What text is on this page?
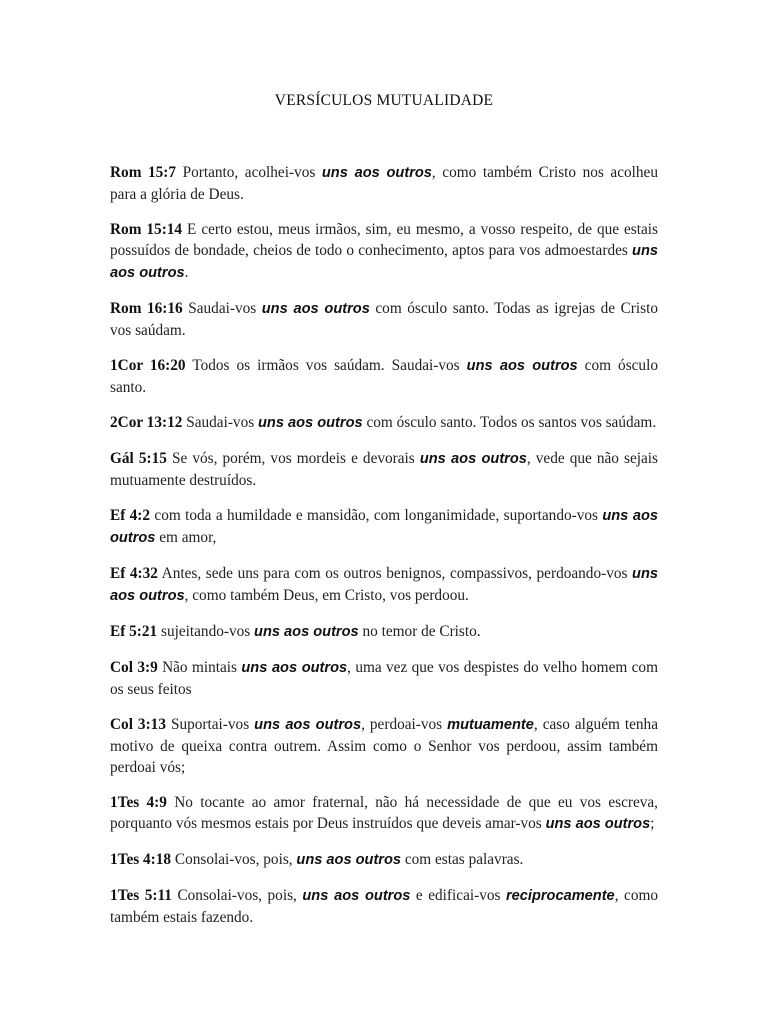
VERSÍCULOS MUTUALIDADE

Rom 15:7 Portanto, acolhei-vos uns aos outros, como também Cristo nos acolheu para a glória de Deus.

Rom 15:14 E certo estou, meus irmãos, sim, eu mesmo, a vosso respeito, de que estais possuídos de bondade, cheios de todo o conhecimento, aptos para vos admoestardes uns aos outros.

Rom 16:16 Saudai-vos uns aos outros com ósculo santo. Todas as igrejas de Cristo vos saúdam.

1Cor 16:20 Todos os irmãos vos saúdam. Saudai-vos uns aos outros com ósculo santo.

2Cor 13:12 Saudai-vos uns aos outros com ósculo santo. Todos os santos vos saúdam.

Gál 5:15 Se vós, porém, vos mordeis e devorais uns aos outros, vede que não sejais mutuamente destruídos.

Ef 4:2 com toda a humildade e mansidão, com longanimidade, suportando-vos uns aos outros em amor,

Ef 4:32 Antes, sede uns para com os outros benignos, compassivos, perdoando-vos uns aos outros, como também Deus, em Cristo, vos perdoou.

Ef 5:21 sujeitando-vos uns aos outros no temor de Cristo.

Col 3:9 Não mintais uns aos outros, uma vez que vos despistes do velho homem com os seus feitos

Col 3:13 Suportai-vos uns aos outros, perdoai-vos mutuamente, caso alguém tenha motivo de queixa contra outrem. Assim como o Senhor vos perdoou, assim também perdoai vós;

1Tes 4:9 No tocante ao amor fraternal, não há necessidade de que eu vos escreva, porquanto vós mesmos estais por Deus instruídos que deveis amar-vos uns aos outros;

1Tes 4:18 Consolai-vos, pois, uns aos outros com estas palavras.

1Tes 5:11 Consolai-vos, pois, uns aos outros e edificai-vos reciprocamente, como também estais fazendo.
